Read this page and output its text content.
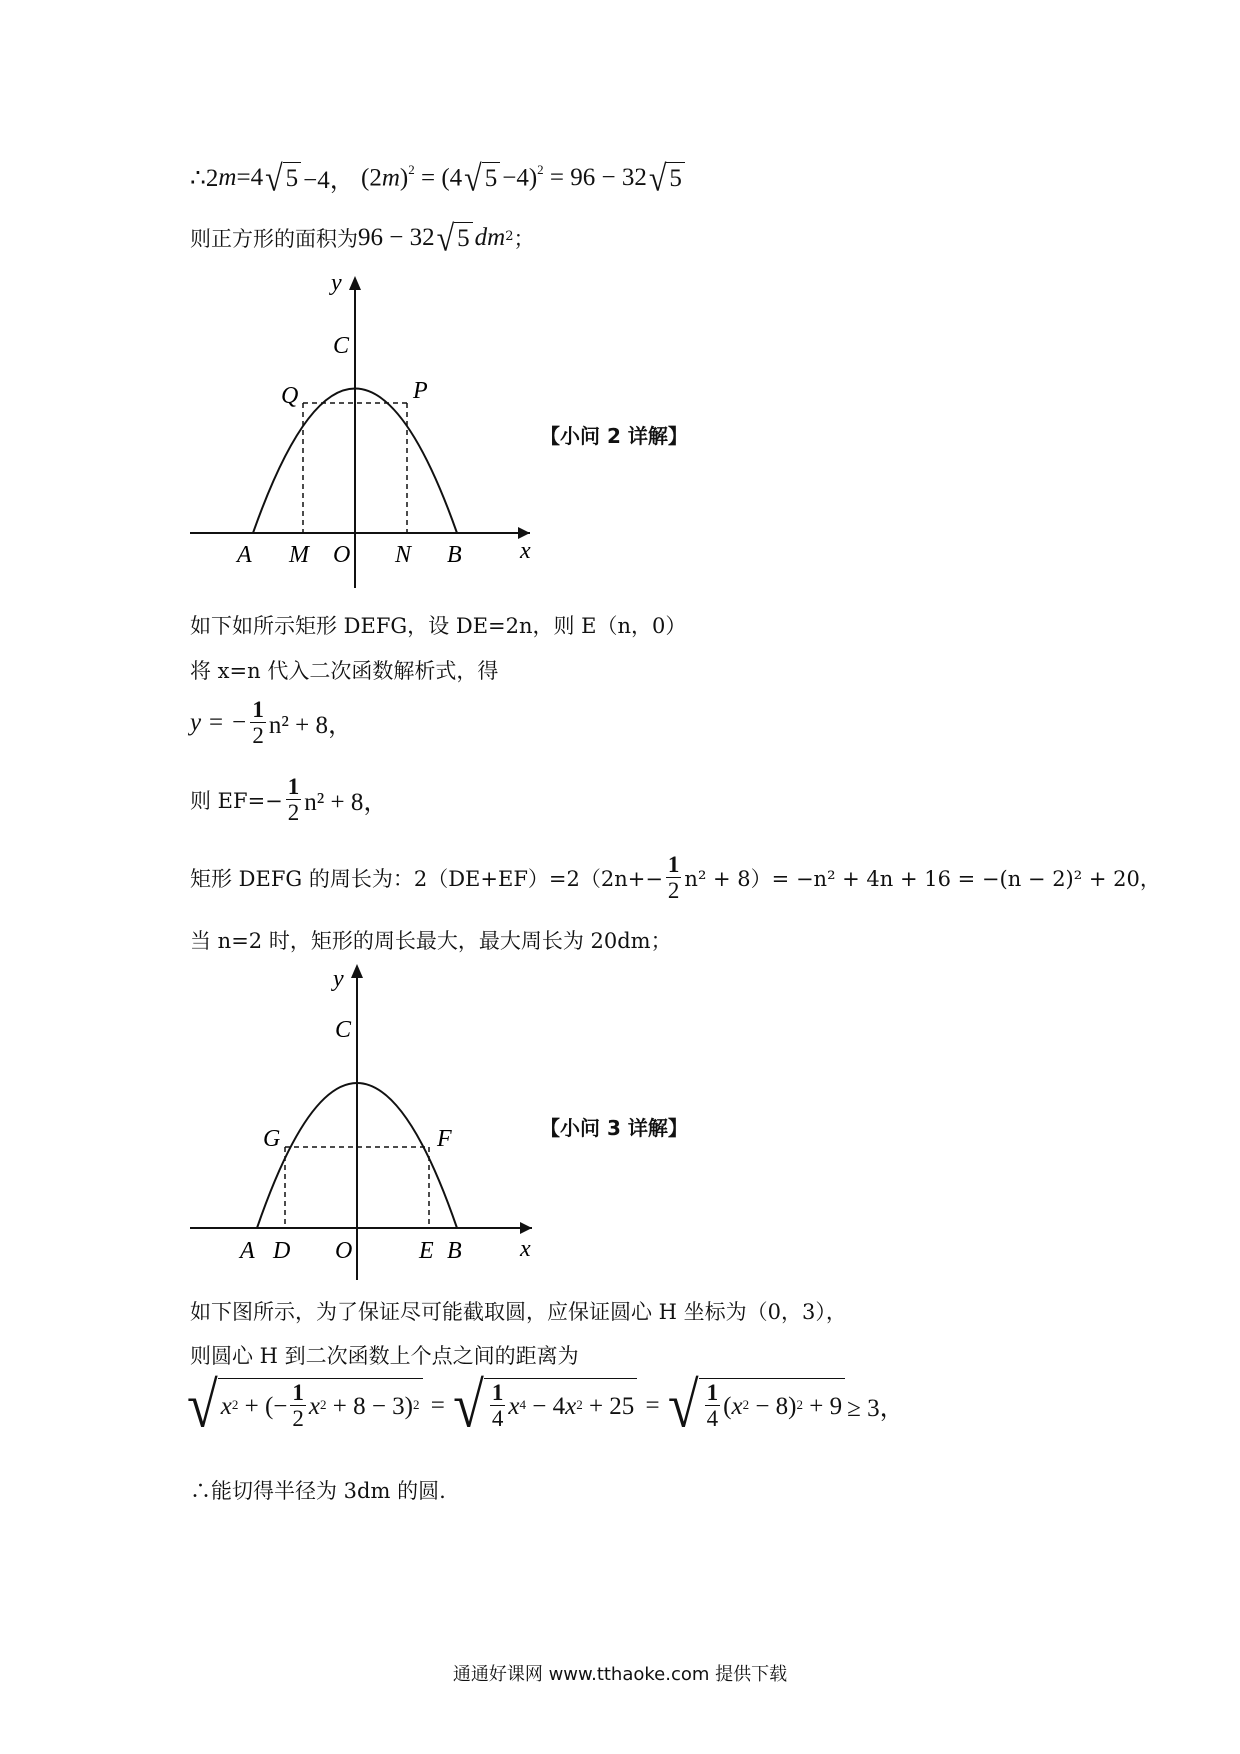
∴2 m =4 √ 5 −4， $(2m)^2 = (4$ √ 5 −4)$^2$ = 96 − 32 √ 5
则正方形的面积为 96 − 32 √ 5 $dm^2$ ；
y
C
Q	P
A M O N B x
【小问 2 详解】
如下如所示矩形 DEFG，设 DE=2n，则 E（n，0）
将 x=n 代入二次函数解析式，得
y = − $\frac{1}{2} n^2 + 8$，
则 $EF=- \frac{1}{2} n^2 + 8$，
矩形 DEFG 的周长为：$2(DE+EF)=2(2n+- \frac{1}{2} n^2 + 8)= -n^2 + 4n + 16 = -(n - 2)^2 + 20$，
当 n=2 时，矩形的周长最大，最大周长为 20dm；
y
C
G	F
A D O	E B x
【小问 3 详解】
如下图所示，为了保证尽可能截取圆，应保证圆心 H 坐标为（0，3），
则圆心 H 到二次函数上个点之间的距离为
√ $x^2$ + (− $\frac{1}{2} x^2 + 8 - 3)^2$ = √ $\frac{1}{4} x^4 - 4$ $x^2 + 25$ = √ $\frac{1}{4}$ ( $x^2 - 8)^2 + 9 \ge 3$，
∴能切得半径为 3dm 的圆.
通通好课网 www.tthaoke.com 提供下载
